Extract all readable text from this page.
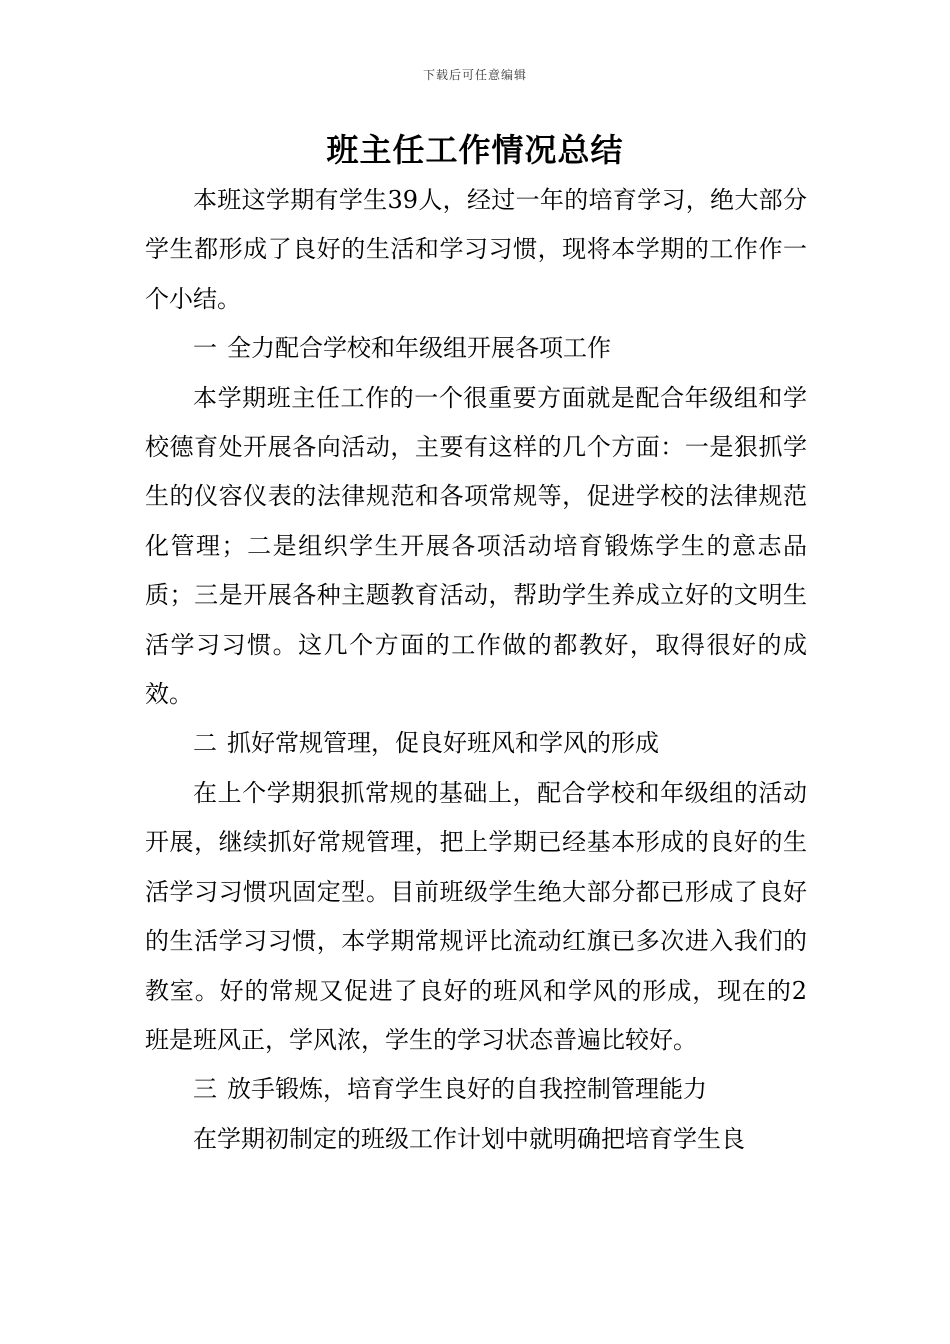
下载后可任意编辑
班主任工作情况总结

本班这学期有学生39人，经过一年的培育学习，绝大部分学生都形成了良好的生活和学习习惯，现将本学期的工作作一个小结。

一 全力配合学校和年级组开展各项工作

本学期班主任工作的一个很重要方面就是配合年级组和学校德育处开展各向活动，主要有这样的几个方面：一是狠抓学生的仪容仪表的法律规范和各项常规等，促进学校的法律规范化管理；二是组织学生开展各项活动培育锻炼学生的意志品质；三是开展各种主题教育活动，帮助学生养成立好的文明生活学习习惯。这几个方面的工作做的都教好，取得很好的成效。

二 抓好常规管理，促良好班风和学风的形成

在上个学期狠抓常规的基础上，配合学校和年级组的活动开展，继续抓好常规管理，把上学期已经基本形成的良好的生活学习习惯巩固定型。目前班级学生绝大部分都已形成了良好的生活学习习惯，本学期常规评比流动红旗已多次进入我们的教室。好的常规又促进了良好的班风和学风的形成，现在的2班是班风正，学风浓，学生的学习状态普遍比较好。

三 放手锻炼，培育学生良好的自我控制管理能力

在学期初制定的班级工作计划中就明确把培育学生良
